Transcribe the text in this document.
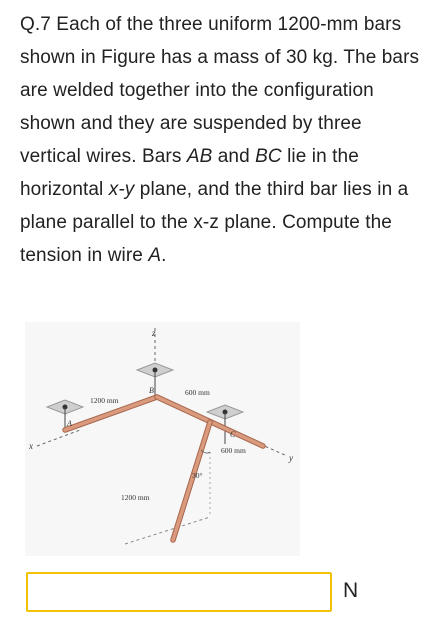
Q.7 Each of the three uniform 1200-mm bars shown in Figure has a mass of 30 kg. The bars are welded together into the configuration shown and they are suspended by three vertical wires. Bars AB and BC lie in the horizontal x-y plane, and the third bar lies in a plane parallel to the x-z plane. Compute the tension in wire A.
z
x
y
A
B
C
1200 mm
600 mm
600 mm
30°
1200 mm
N
